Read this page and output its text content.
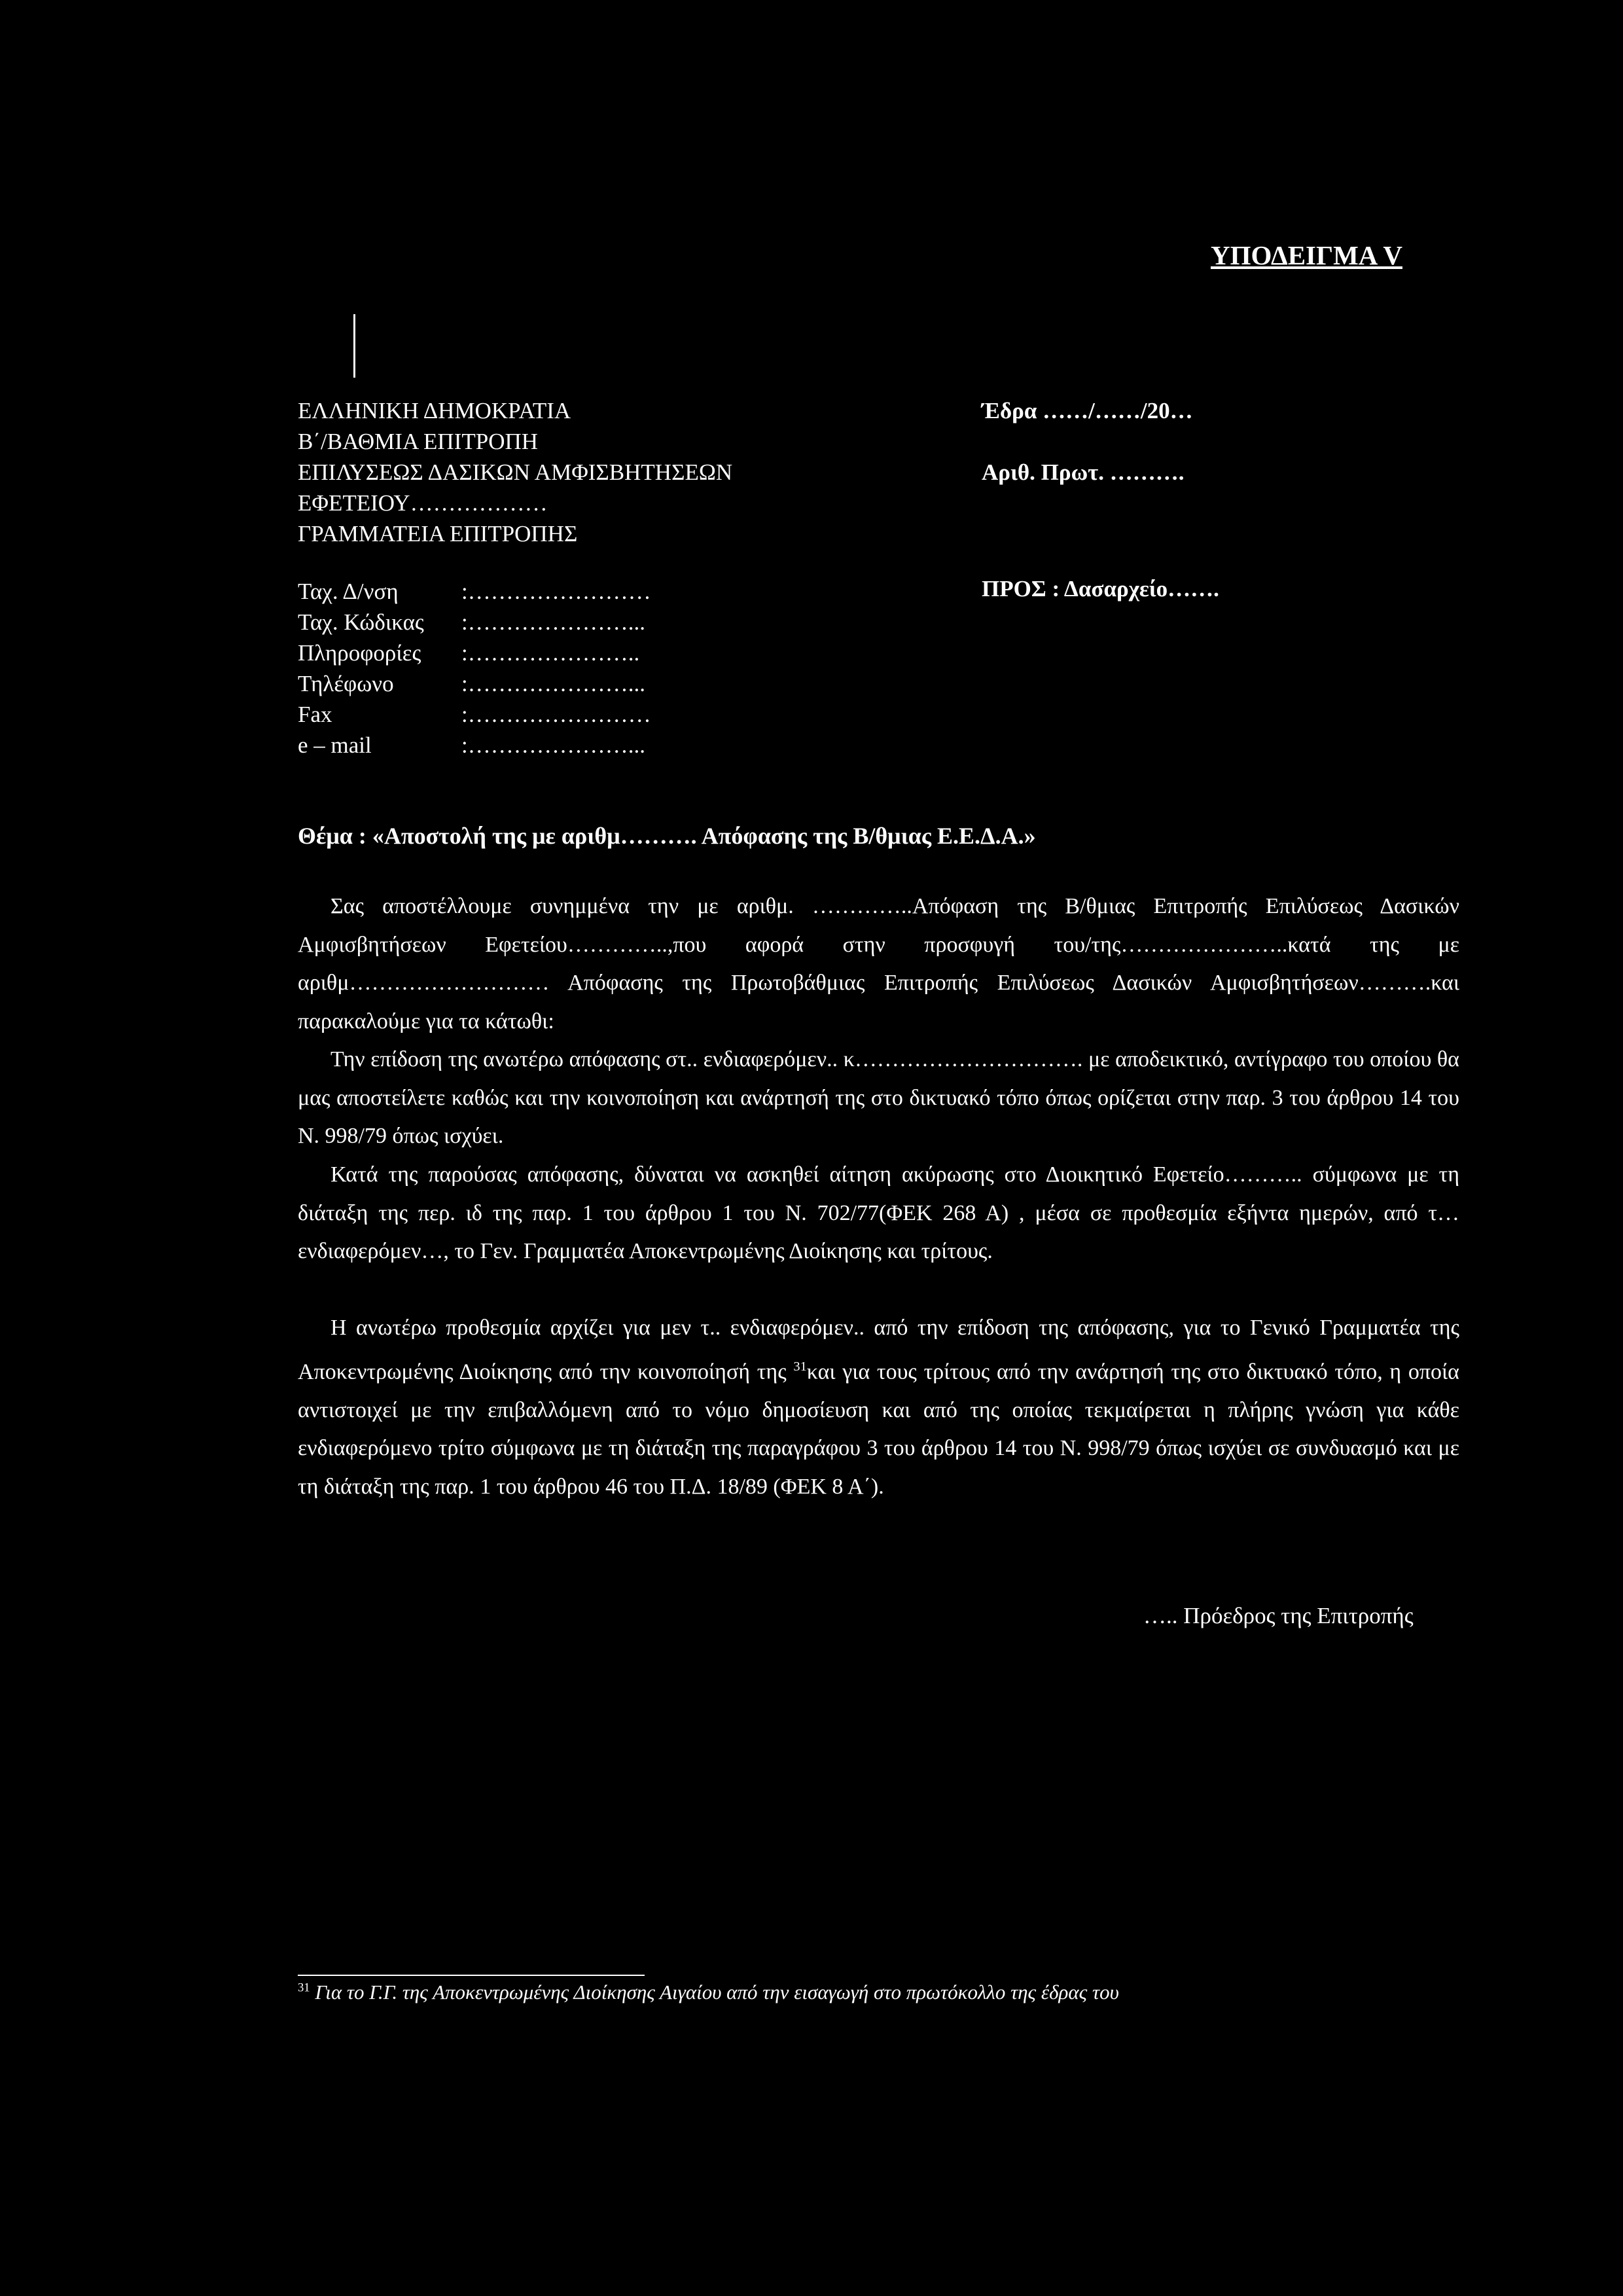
ΥΠΟΔΕΙΓΜΑ V
ΕΛΛΗΝΙΚΗ ΔΗΜΟΚΡΑΤΙΑ
Β΄/ΒΑΘΜΙΑ ΕΠΙΤΡΟΠΗ
ΕΠΙΛΥΣΕΩΣ ΔΑΣΙΚΩΝ ΑΜΦΙΣΒΗΤΗΣΕΩΝ
ΕΦΕΤΕΙΟΥ………………
ΓΡΑΜΜΑΤΕΙΑ ΕΠΙΤΡΟΠΗΣ
Έδρα ……/……/20…
Αριθ. Πρωτ. ……….
Ταχ. Δ/νση	:……………………
Ταχ. Κώδικας	:…………………...
Πληροφορίες	:…………………..
Τηλέφωνο	:…………………...
Fax	:……………………
e – mail	:…………………...
ΠΡΟΣ : Δασαρχείο…….
Θέμα : «Αποστολή της με αριθμ………. Απόφασης της Β/θμιας Ε.Ε.Δ.Α.»
Σας αποστέλλουμε συνημμένα την με αριθμ. …………..Απόφαση της Β/θμιας Επιτροπής Επιλύσεως Δασικών Αμφισβητήσεων Εφετείου…………..,που αφορά στην προσφυγή του/της…………………..κατά της με αριθμ……………………… Απόφασης της Πρωτοβάθμιας Επιτροπής Επιλύσεως Δασικών Αμφισβητήσεων……….και παρακαλούμε για τα κάτωθι:
Την επίδοση της ανωτέρω απόφασης στ.. ενδιαφερόμεν.. κ…………………………. με αποδεικτικό, αντίγραφο του οποίου θα μας αποστείλετε καθώς και την κοινοποίηση και ανάρτησή της στο δικτυακό τόπο όπως ορίζεται στην παρ. 3 του άρθρου 14 του Ν. 998/79 όπως ισχύει.
Κατά της παρούσας απόφασης, δύναται να ασκηθεί αίτηση ακύρωσης στο Διοικητικό Εφετείο……….. σύμφωνα με τη διάταξη της περ. ιδ της παρ. 1 του άρθρου 1 του Ν. 702/77(ΦΕΚ 268 Α) , μέσα σε προθεσμία εξήντα ημερών, από τ… ενδιαφερόμεν…, το Γεν. Γραμματέα Αποκεντρωμένης Διοίκησης και τρίτους.
Η ανωτέρω προθεσμία αρχίζει για μεν τ.. ενδιαφερόμεν.. από την επίδοση της απόφασης, για το Γενικό Γραμματέα της Αποκεντρωμένης Διοίκησης από την κοινοποίησή της $^{31}$και για τους τρίτους από την ανάρτησή της στο δικτυακό τόπο, η οποία αντιστοιχεί με την επιβαλλόμενη από το νόμο δημοσίευση και από της οποίας τεκμαίρεται η πλήρης γνώση για κάθε ενδιαφερόμενο τρίτο σύμφωνα με τη διάταξη της παραγράφου 3 του άρθρου 14 του Ν. 998/79 όπως ισχύει σε συνδυασμό και με τη διάταξη της παρ. 1 του άρθρου 46 του Π.Δ. 18/89 (ΦΕΚ 8 Α΄).
….. Πρόεδρος της Επιτροπής
$^{31}$ Για το Γ.Γ. της Αποκεντρωμένης Διοίκησης Αιγαίου από την εισαγωγή στο πρωτόκολλο της έδρας του
